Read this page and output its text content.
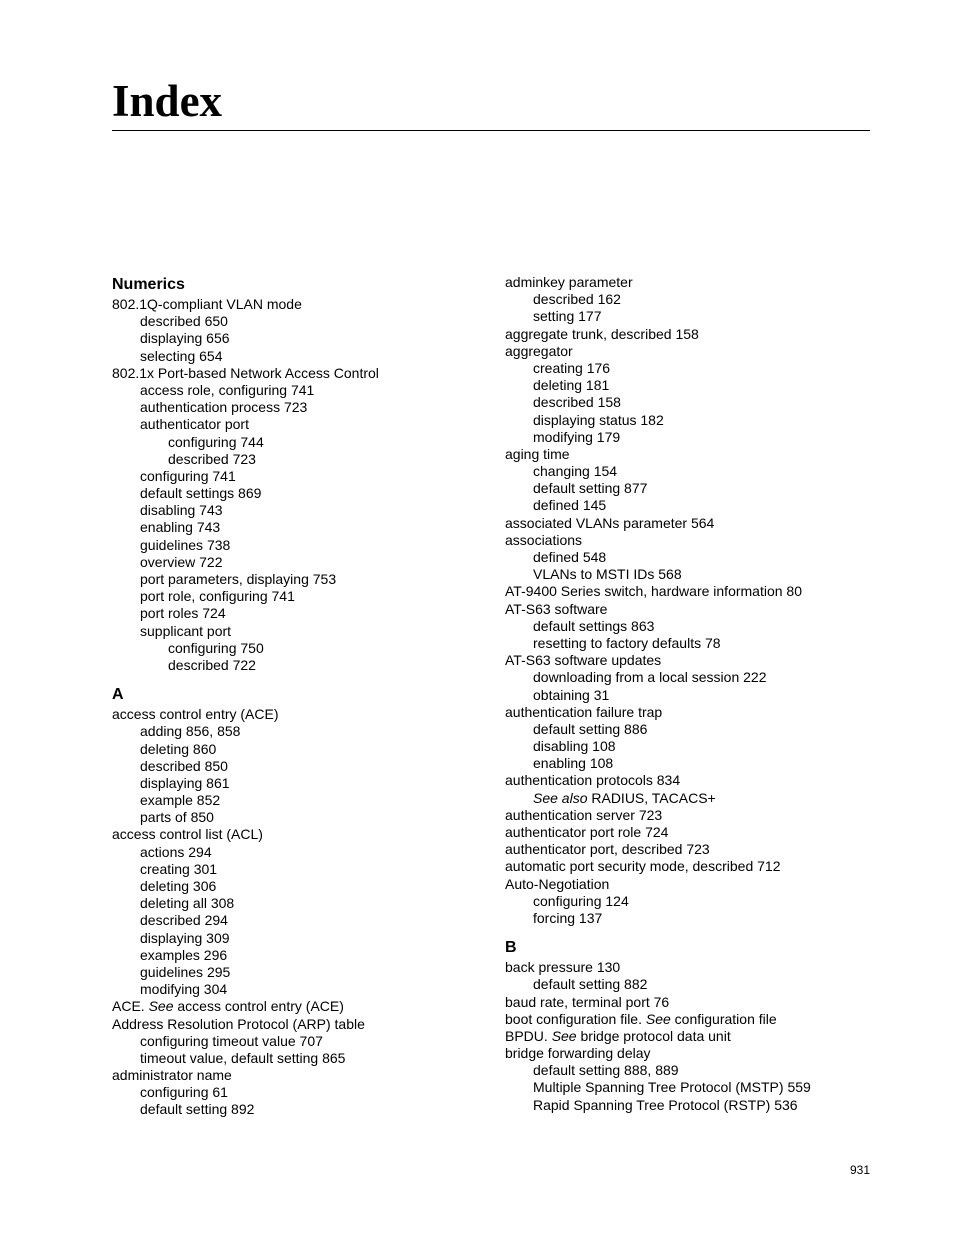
Index
Numerics
802.1Q-compliant VLAN mode
described 650
displaying 656
selecting 654
802.1x Port-based Network Access Control
access role, configuring 741
authentication process 723
authenticator port
configuring 744
described 723
configuring 741
default settings 869
disabling 743
enabling 743
guidelines 738
overview 722
port parameters, displaying 753
port role, configuring 741
port roles 724
supplicant port
configuring 750
described 722
A
access control entry (ACE)
adding 856, 858
deleting 860
described 850
displaying 861
example 852
parts of 850
access control list (ACL)
actions 294
creating 301
deleting 306
deleting all 308
described 294
displaying 309
examples 296
guidelines 295
modifying 304
ACE. See access control entry (ACE)
Address Resolution Protocol (ARP) table
configuring timeout value 707
timeout value, default setting 865
administrator name
configuring 61
default setting 892
adminkey parameter
described 162
setting 177
aggregate trunk, described 158
aggregator
creating 176
deleting 181
described 158
displaying status 182
modifying 179
aging time
changing 154
default setting 877
defined 145
associated VLANs parameter 564
associations
defined 548
VLANs to MSTI IDs 568
AT-9400 Series switch, hardware information 80
AT-S63 software
default settings 863
resetting to factory defaults 78
AT-S63 software updates
downloading from a local session 222
obtaining 31
authentication failure trap
default setting 886
disabling 108
enabling 108
authentication protocols 834
See also RADIUS, TACACS+
authentication server 723
authenticator port role 724
authenticator port, described 723
automatic port security mode, described 712
Auto-Negotiation
configuring 124
forcing 137
B
back pressure 130
default setting 882
baud rate, terminal port 76
boot configuration file. See configuration file
BPDU. See bridge protocol data unit
bridge forwarding delay
default setting 888, 889
Multiple Spanning Tree Protocol (MSTP) 559
Rapid Spanning Tree Protocol (RSTP) 536
931
